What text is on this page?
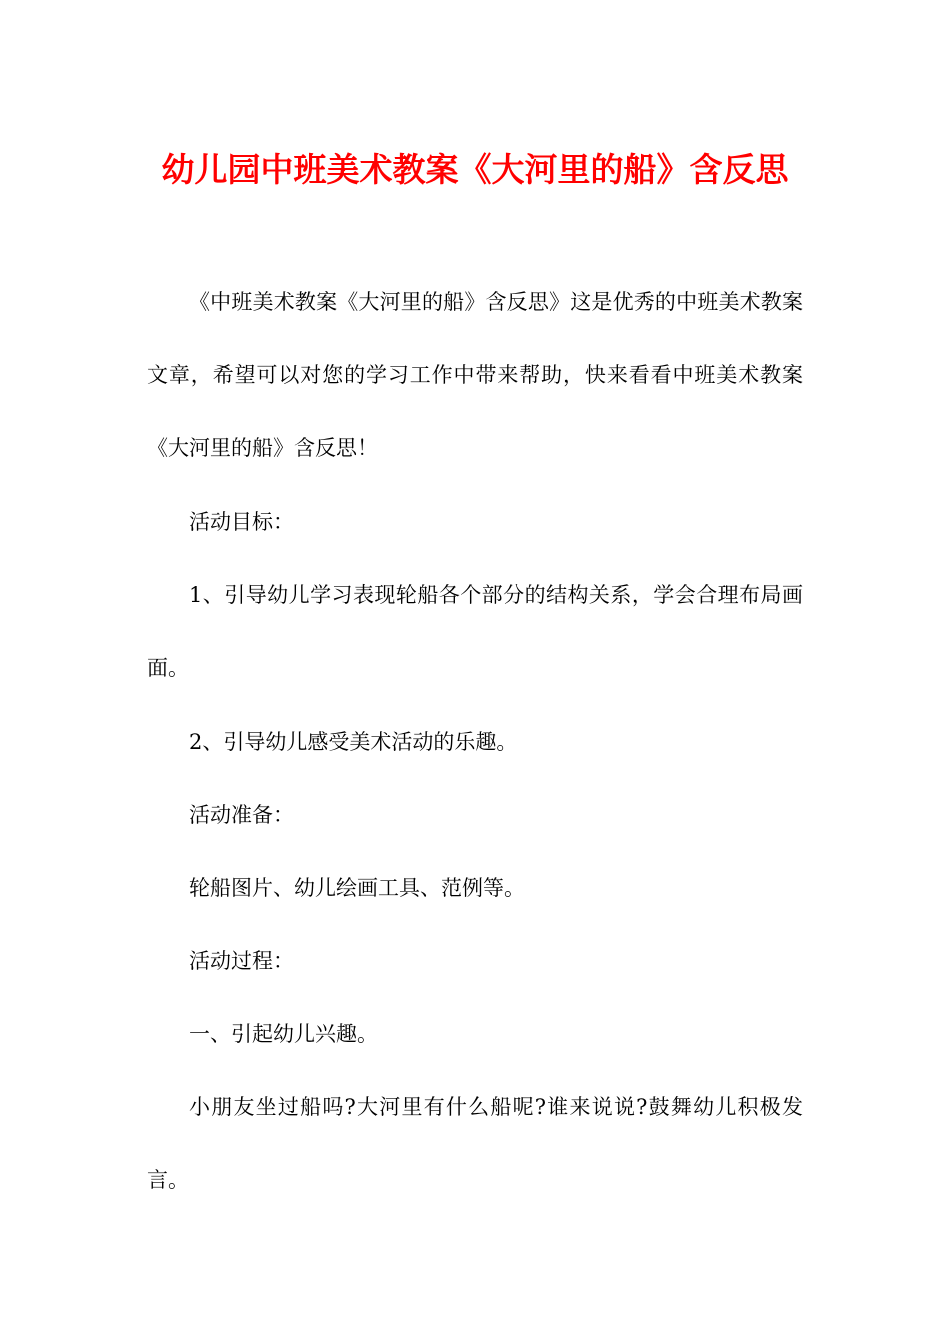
幼儿园中班美术教案《大河里的船》含反思

《中班美术教案《大河里的船》含反思》这是优秀的中班美术教案文章，希望可以对您的学习工作中带来帮助，快来看看中班美术教案《大河里的船》含反思！

活动目标：

1、引导幼儿学习表现轮船各个部分的结构关系，学会合理布局画面。

2、引导幼儿感受美术活动的乐趣。

活动准备：

轮船图片、幼儿绘画工具、范例等。

活动过程：

一、引起幼儿兴趣。

小朋友坐过船吗?大河里有什么船呢?谁来说说?鼓舞幼儿积极发言。
